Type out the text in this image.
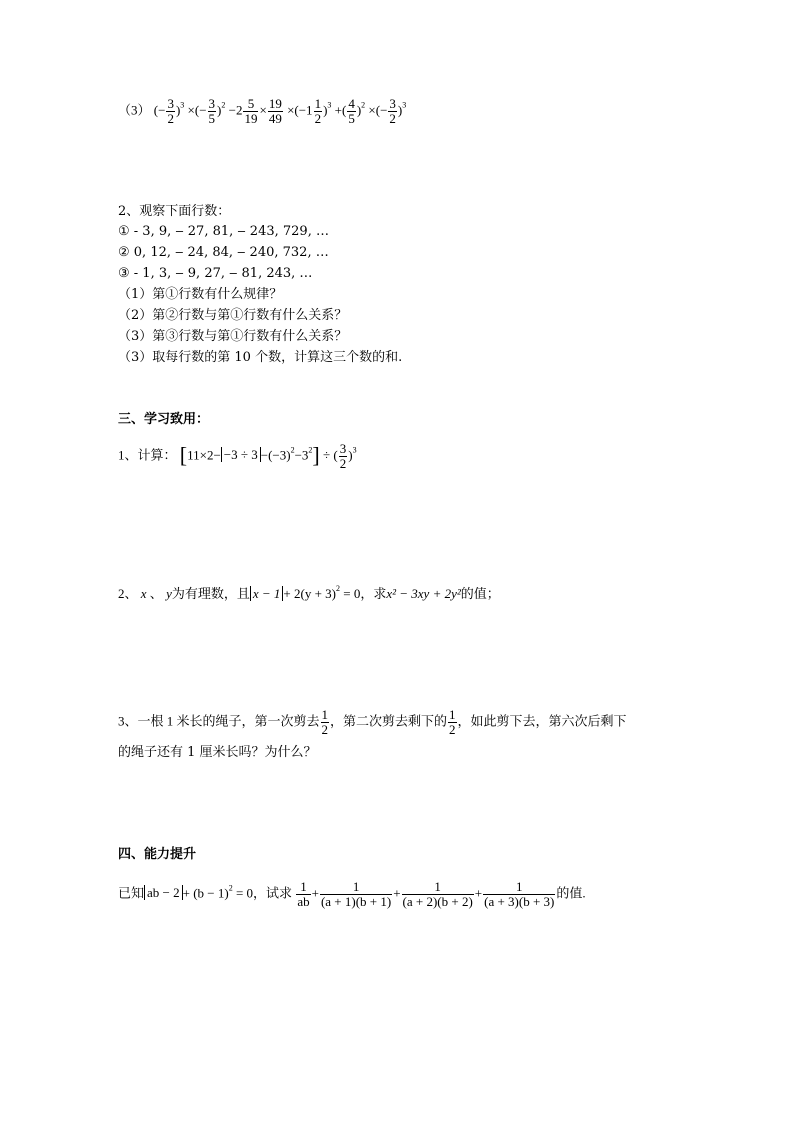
（3） (− $\frac{3}{2} )^3$ ×(− $\frac{3}{5} )^2 -2 \frac{5}{19} \times \frac{19}{49} \times(-1 \frac{1}{2} )^3$ +( $\frac{4}{5} )^2$ ×(− $\frac{3}{2} )^3$
2、观察下面行数：
① - 3, 9, ‒ 27, 81, ‒ 243, 729, …
② 0, 12, ‒ 24, 84, ‒ 240, 732, …
③ - 1, 3, ‒ 9, 27, ‒ 81, 243, …
（1）第①行数有什么规律？
（2）第②行数与第①行数有什么关系？
（3）第③行数与第①行数有什么关系？
（3）取每行数的第 10 个数，计算这三个数的和.
三、学习致用：
1、计算： $[11\times 2- -3 \div 3 -(-3)^2-3^2]$ ÷ ( $\frac{3}{2} )^3$
2、 x 、 y为有理数，且 $x - 1 + 2(y + 3)^2 = 0$，求x² − 3xy + 2y²的值；
3、一根 1 米长的绳子，第一次剪去 $\frac{1}{2}$ ，第二次剪去剩下的 $\frac{1}{2}$ ，如此剪下去，第六次后剩下
的绳子还有 1 厘米长吗？为什么？
四、能力提升
已知 ab − $2 + (b - 1)^2 = 0$，试求 $\frac{1}{ab} + \frac{1}{(a + 1)(b + 1)} + \frac{1}{(a + 2)(b + 2)} + \frac{1}{(a + 3)(b + 3)}$ 的值.
